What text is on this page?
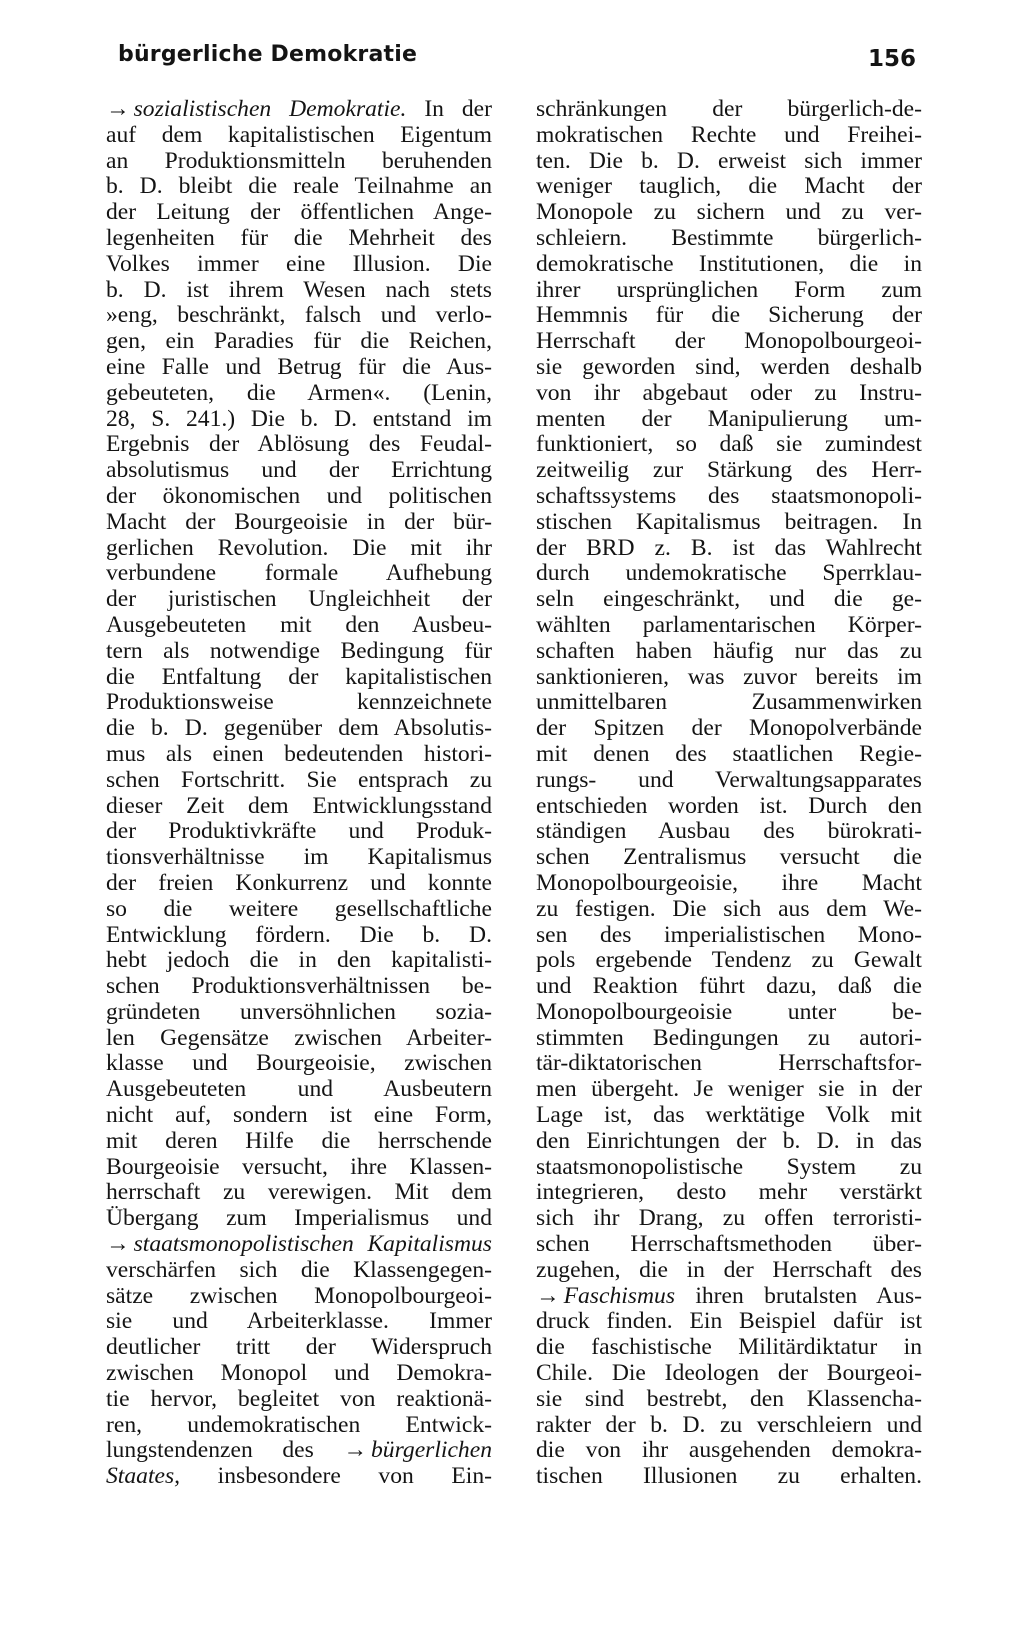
bürgerliche Demokratie	156
→ sozialistischen Demokratie. In der
auf dem kapitalistischen Eigentum
an Produktionsmitteln beruhenden
b. D. bleibt die reale Teilnahme an
der Leitung der öffentlichen Ange-
legenheiten für die Mehrheit des
Volkes immer eine Illusion. Die
b. D. ist ihrem Wesen nach stets
»eng, beschränkt, falsch und verlo-
gen, ein Paradies für die Reichen,
eine Falle und Betrug für die Aus-
gebeuteten, die Armen«. (Lenin,
28, S. 241.) Die b. D. entstand im
Ergebnis der Ablösung des Feudal-
absolutismus und der Errichtung
der ökonomischen und politischen
Macht der Bourgeoisie in der bür-
gerlichen Revolution. Die mit ihr
verbundene formale Aufhebung
der juristischen Ungleichheit der
Ausgebeuteten mit den Ausbeu-
tern als notwendige Bedingung für
die Entfaltung der kapitalistischen
Produktionsweise kennzeichnete
die b. D. gegenüber dem Absolutis-
mus als einen bedeutenden histori-
schen Fortschritt. Sie entsprach zu
dieser Zeit dem Entwicklungsstand
der Produktivkräfte und Produk-
tionsverhältnisse im Kapitalismus
der freien Konkurrenz und konnte
so die weitere gesellschaftliche
Entwicklung fördern. Die b. D.
hebt jedoch die in den kapitalisti-
schen Produktionsverhältnissen be-
gründeten unversöhnlichen sozia-
len Gegensätze zwischen Arbeiter-
klasse und Bourgeoisie, zwischen
Ausgebeuteten und Ausbeutern
nicht auf, sondern ist eine Form,
mit deren Hilfe die herrschende
Bourgeoisie versucht, ihre Klassen-
herrschaft zu verewigen. Mit dem
Übergang zum Imperialismus und
→ staatsmonopolistischen Kapitalismus
verschärfen sich die Klassengegen-
sätze zwischen Monopolbourgeoi-
sie und Arbeiterklasse. Immer
deutlicher tritt der Widerspruch
zwischen Monopol und Demokra-
tie hervor, begleitet von reaktionä-
ren, undemokratischen Entwick-
lungstendenzen des → bürgerlichen
Staates, insbesondere von Ein-
schränkungen der bürgerlich-de-
mokratischen Rechte und Freihei-
ten. Die b. D. erweist sich immer
weniger tauglich, die Macht der
Monopole zu sichern und zu ver-
schleiern. Bestimmte bürgerlich-
demokratische Institutionen, die in
ihrer ursprünglichen Form zum
Hemmnis für die Sicherung der
Herrschaft der Monopolbourgeoi-
sie geworden sind, werden deshalb
von ihr abgebaut oder zu Instru-
menten der Manipulierung um-
funktioniert, so daß sie zumindest
zeitweilig zur Stärkung des Herr-
schaftssystems des staatsmonopoli-
stischen Kapitalismus beitragen. In
der BRD z. B. ist das Wahlrecht
durch undemokratische Sperrklau-
seln eingeschränkt, und die ge-
wählten parlamentarischen Körper-
schaften haben häufig nur das zu
sanktionieren, was zuvor bereits im
unmittelbaren Zusammenwirken
der Spitzen der Monopolverbände
mit denen des staatlichen Regie-
rungs- und Verwaltungsapparates
entschieden worden ist. Durch den
ständigen Ausbau des bürokrati-
schen Zentralismus versucht die
Monopolbourgeoisie, ihre Macht
zu festigen. Die sich aus dem We-
sen des imperialistischen Mono-
pols ergebende Tendenz zu Gewalt
und Reaktion führt dazu, daß die
Monopolbourgeoisie unter be-
stimmten Bedingungen zu autori-
tär-diktatorischen Herrschaftsfor-
men übergeht. Je weniger sie in der
Lage ist, das werktätige Volk mit
den Einrichtungen der b. D. in das
staatsmonopolistische System zu
integrieren, desto mehr verstärkt
sich ihr Drang, zu offen terroristi-
schen Herrschaftsmethoden über-
zugehen, die in der Herrschaft des
→ Faschismus ihren brutalsten Aus-
druck finden. Ein Beispiel dafür ist
die faschistische Militärdiktatur in
Chile. Die Ideologen der Bourgeoi-
sie sind bestrebt, den Klassencha-
rakter der b. D. zu verschleiern und
die von ihr ausgehenden demokra-
tischen Illusionen zu erhalten.
